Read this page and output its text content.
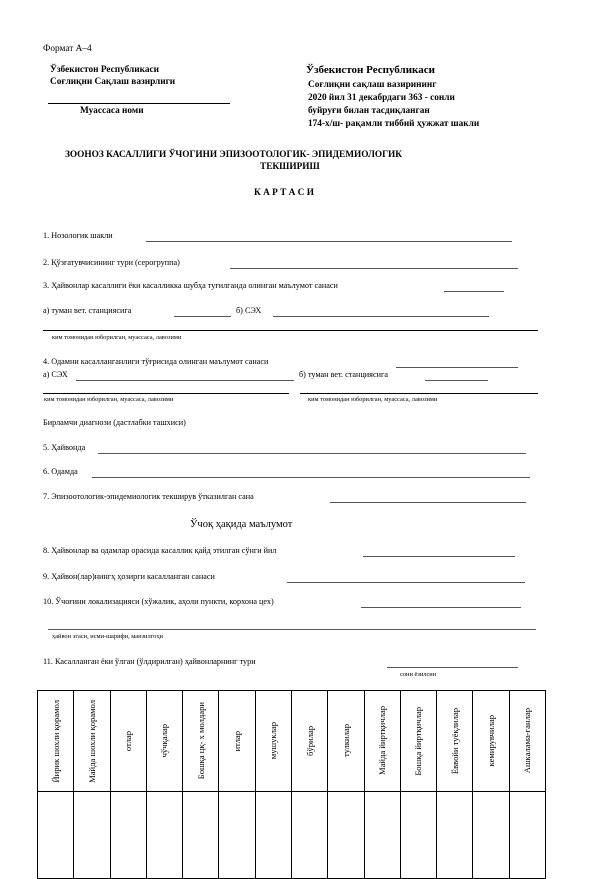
Формат А–4
Ўзбекистон Республикаси
Соғлиқни Сақлаш вазирлиги
Муассаса номи
Ўзбекистон Республикаси
Соғлиқни сақлаш вазирининг
2020 йил 31 декабрдаги 363 - сонли
буйруғи билан тасдиқланган
174-х/ш- рақамли тиббий ҳужжат шакли
ЗООНОЗ КАСАЛЛИГИ ЎЧОГИНИ ЭПИЗООТОЛОГИК- ЭПИДЕМИОЛОГИК
ТЕКШИРИШ
К А Р Т А С И
1. Нозологик шакли
2. Қўзғатувчисининг тури (серогруппа)
3. Ҳайвонлар касаллиги ёки касалликка шубҳа туғилганда олинган маълумот санаси
а) туман вет. станциясига	б) СЭХ
ким томонидан юборилган, муассаса, лавозими
4. Одамни касалланганлиги тўғрисида олинган маълумот санаси
а) СЭХ	б) туман вет. станциясига
ким томонидан юборилган, муассаса, лавозими	ким томонидан юборилган, муассаса, лавозими
Бирламчи диагнози (дастлабки ташхиси)
5. Ҳайвонда
6. Одамда
7. Эпизоотологик-эпидемиологик текширув ўтказилган сана
Ўчоқ ҳақида маълумот
8. Ҳайвонлар ва одамлар орасида касаллик қайд этилган сўнги йил
9. Ҳайвон(лар)нингҳ ҳозирги касалланган санаси
10. Ўчоғини локализацияси (хўжалик, аҳоли пункти, корхона цех)
ҳайвон эгаси, исми-шарифи, манзилгоҳи
11. Касалланган ёки ўлган (ўлдирилган) ҳайвонларнинг тури
сони ёзилсин
Йирик шохли қорамол	Майда шохли қорамол	отлар	чўчқалар	Бошқа цқ- х молдари	итлар	мушуклар	бўрилар	тулкилар	Майда йиртқичлар	Бошқа йиртқичлар	Ёввойи туёқлилар	кемирувчилар	Ашкалама-ганлар
